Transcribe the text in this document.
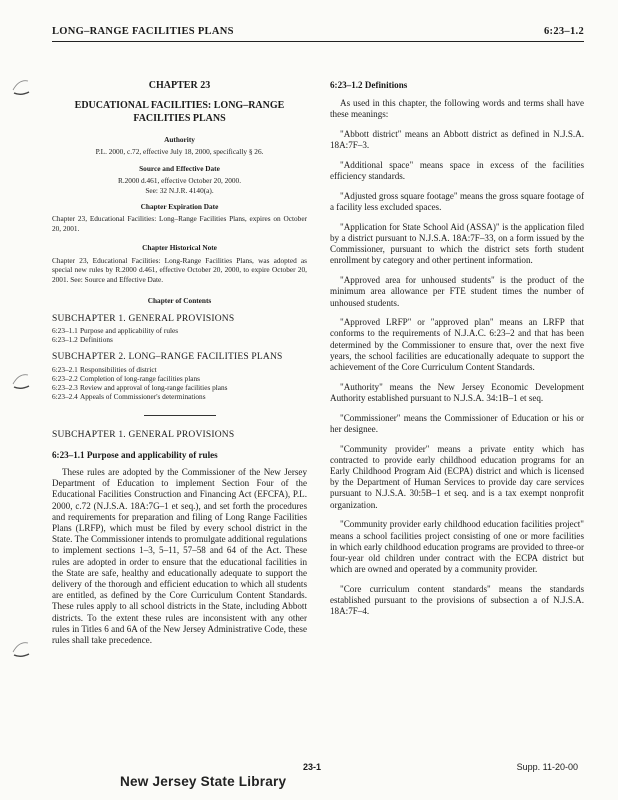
LONG–RANGE FACILITIES PLANS	6:23–1.2
CHAPTER 23
EDUCATIONAL FACILITIES: LONG–RANGE FACILITIES PLANS
Authority
P.L. 2000, c.72, effective July 18, 2000, specifically § 26.
Source and Effective Date
R.2000 d.461, effective October 20, 2000.
See: 32 N.J.R. 4140(a).
Chapter Expiration Date
Chapter 23, Educational Facilities: Long–Range Facilities Plans, expires on October 20, 2001.
Chapter Historical Note
Chapter 23, Educational Facilities: Long-Range Facilities Plans, was adopted as special new rules by R.2000 d.461, effective October 20, 2000, to expire October 20, 2001. See: Source and Effective Date.
Chapter of Contents
SUBCHAPTER 1. GENERAL PROVISIONS
6:23–1.1 Purpose and applicability of rules
6:23–1.2 Definitions
SUBCHAPTER 2. LONG–RANGE FACILITIES PLANS
6:23–2.1 Responsibilities of district
6:23–2.2 Completion of long-range facilities plans
6:23–2.3 Review and approval of long-range facilities plans
6:23–2.4 Appeals of Commissioner's determinations
SUBCHAPTER 1. GENERAL PROVISIONS
6:23–1.1 Purpose and applicability of rules
These rules are adopted by the Commissioner of the New Jersey Department of Education to implement Section Four of the Educational Facilities Construction and Financing Act (EFCFA), P.L. 2000, c.72 (N.J.S.A. 18A:7G–1 et seq.), and set forth the procedures and requirements for preparation and filing of Long Range Facilities Plans (LRFP), which must be filed by every school district in the State. The Commissioner intends to promulgate additional regulations to implement sections 1–3, 5–11, 57–58 and 64 of the Act. These rules are adopted in order to ensure that the educational facilities in the State are safe, healthy and educationally adequate to support the delivery of the thorough and efficient education to which all students are entitled, as defined by the Core Curriculum Content Standards. These rules apply to all school districts in the State, including Abbott districts. To the extent these rules are inconsistent with any other rules in Titles 6 and 6A of the New Jersey Administrative Code, these rules shall take precedence.
6:23–1.2 Definitions
As used in this chapter, the following words and terms shall have these meanings:
"Abbott district" means an Abbott district as defined in N.J.S.A. 18A:7F–3.
"Additional space" means space in excess of the facilities efficiency standards.
"Adjusted gross square footage" means the gross square footage of a facility less excluded spaces.
"Application for State School Aid (ASSA)" is the application filed by a district pursuant to N.J.S.A. 18A:7F–33, on a form issued by the Commissioner, pursuant to which the district sets forth student enrollment by category and other pertinent information.
"Approved area for unhoused students" is the product of the minimum area allowance per FTE student times the number of unhoused students.
"Approved LRFP" or "approved plan" means an LRFP that conforms to the requirements of N.J.A.C. 6:23–2 and that has been determined by the Commissioner to ensure that, over the next five years, the school facilities are educationally adequate to support the achievement of the Core Curriculum Content Standards.
"Authority" means the New Jersey Economic Development Authority established pursuant to N.J.S.A. 34:1B–1 et seq.
"Commissioner" means the Commissioner of Education or his or her designee.
"Community provider" means a private entity which has contracted to provide early childhood education programs for an Early Childhood Program Aid (ECPA) district and which is licensed by the Department of Human Services to provide day care services pursuant to N.J.S.A. 30:5B–1 et seq. and is a tax exempt nonprofit organization.
"Community provider early childhood education facilities project" means a school facilities project consisting of one or more facilities in which early childhood education programs are provided to three-or four-year old children under contract with the ECPA district but which are owned and operated by a community provider.
"Core curriculum content standards" means the standards established pursuant to the provisions of subsection a of N.J.S.A. 18A:7F–4.
23-1	Supp. 11-20-00
New Jersey State Library
